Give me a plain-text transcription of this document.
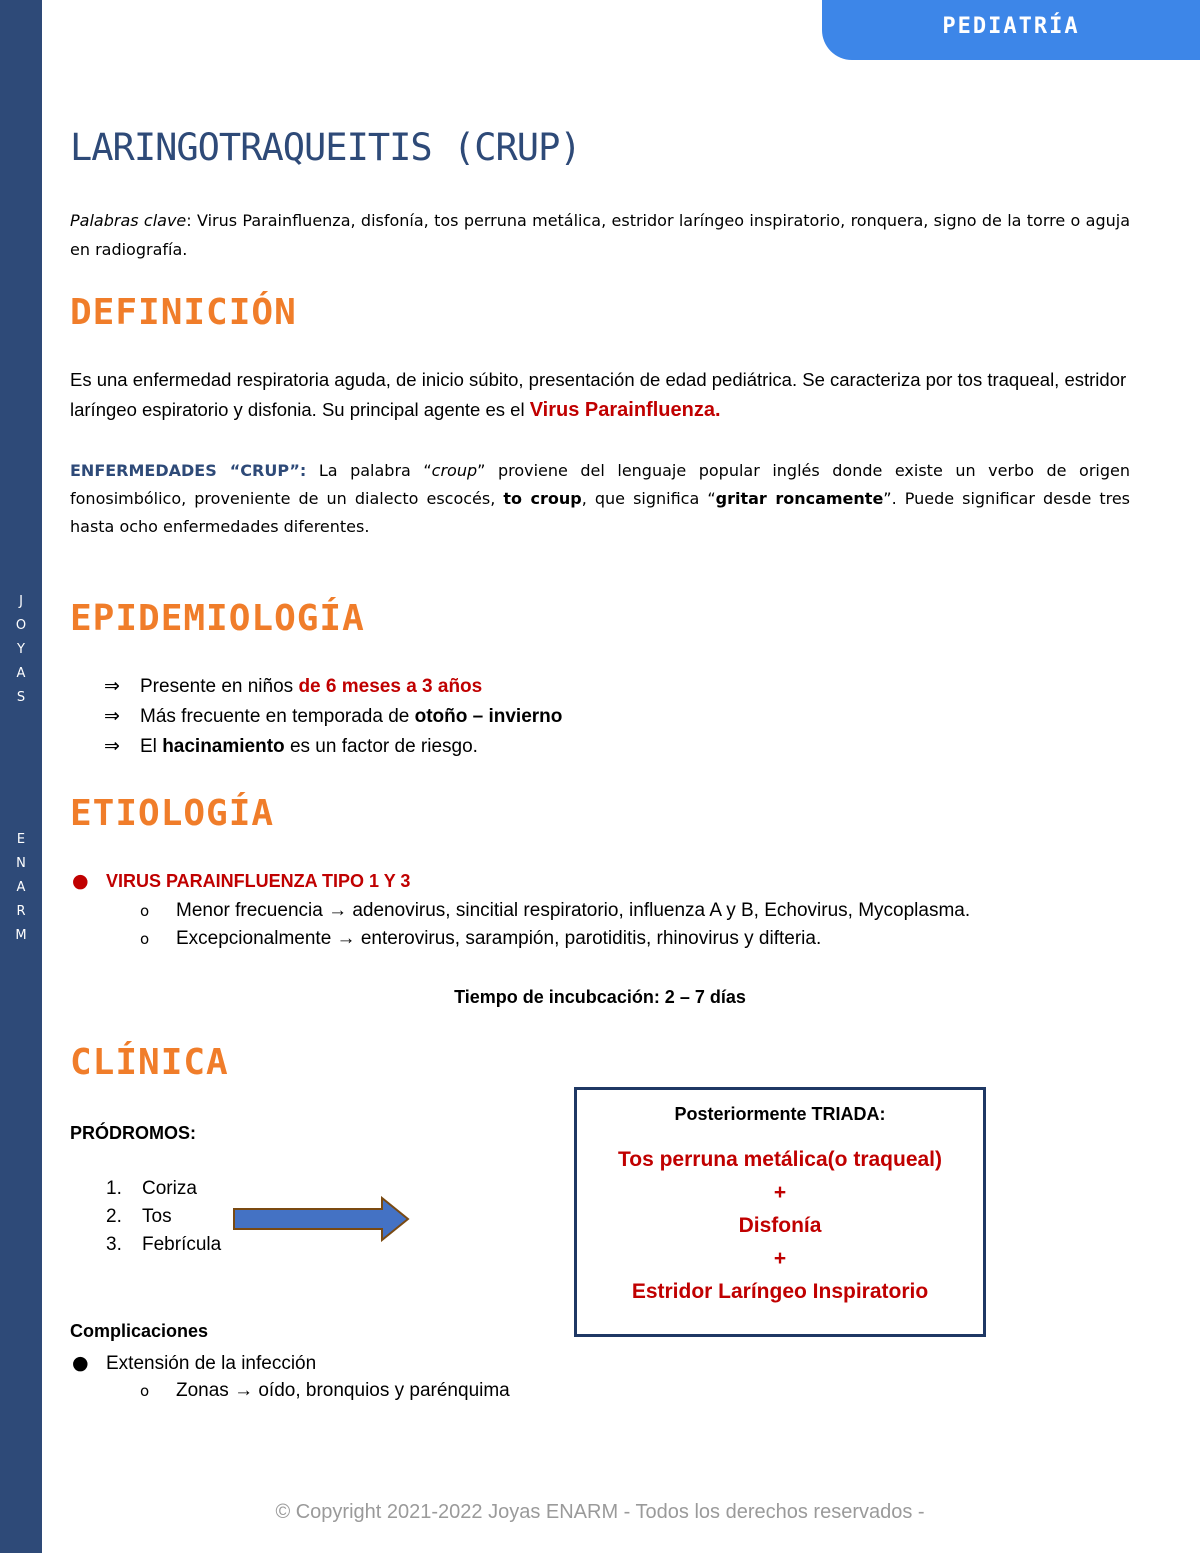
J
O
Y
A
S
E
N
A
R
M
PEDIATRÍA
LARINGOTRAQUEITIS (CRUP)
Palabras clave: Virus Parainfluenza, disfonía, tos perruna metálica, estridor laríngeo inspiratorio, ronquera, signo de la torre o aguja en radiografía.
DEFINICIÓN
Es una enfermedad respiratoria aguda, de inicio súbito, presentación de edad pediátrica. Se caracteriza por tos traqueal, estridor laríngeo espiratorio y disfonia. Su principal agente es el Virus Parainfluenza.
ENFERMEDADES “CRUP”: La palabra “croup” proviene del lenguaje popular inglés donde existe un verbo de origen fonosimbólico, proveniente de un dialecto escocés, to croup, que significa “gritar roncamente”. Puede significar desde tres hasta ocho enfermedades diferentes.
EPIDEMIOLOGÍA
⇒ Presente en niños de 6 meses a 3 años
⇒ Más frecuente en temporada de otoño – invierno
⇒ El hacinamiento es un factor de riesgo.
ETIOLOGÍA
● VIRUS PARAINFLUENZA TIPO 1 Y 3
o Menor frecuencia → adenovirus, sincitial respiratorio, influenza A y B, Echovirus, Mycoplasma.
o Excepcionalmente → enterovirus, sarampión, parotiditis, rhinovirus y difteria.
Tiempo de incubcación: 2 – 7 días
CLÍNICA
PRÓDROMOS:
1. Coriza
2. Tos
3. Febrícula
Posteriormente TRIADA:
Tos perruna metálica(o traqueal)
+
Disfonía
+
Estridor Laríngeo Inspiratorio
Complicaciones
● Extensión de la infección
o Zonas → oído, bronquios y parénquima
© Copyright 2021-2022 Joyas ENARM - Todos los derechos reservados -
